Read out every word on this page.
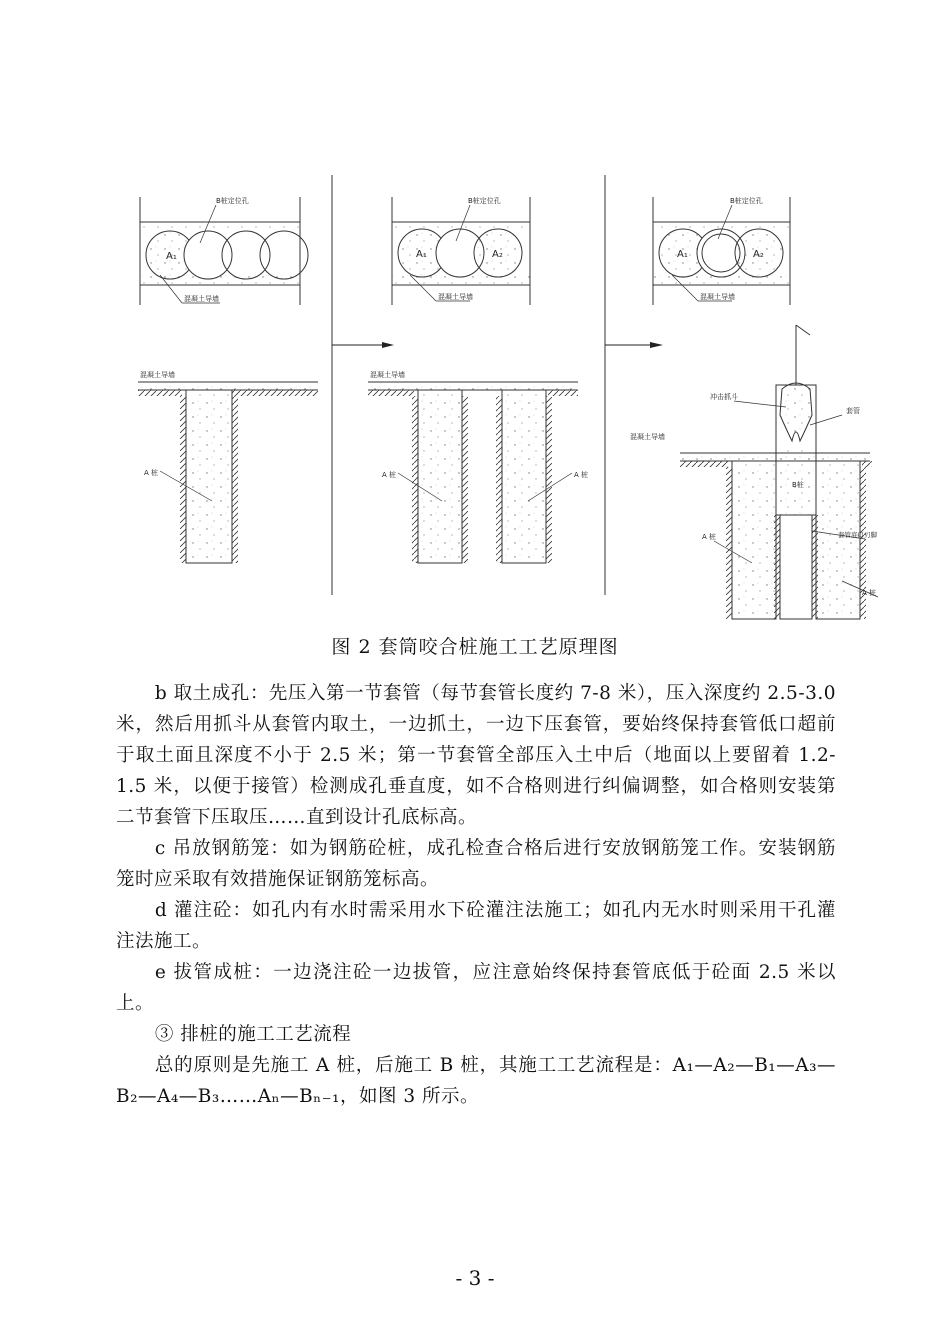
B桩定位孔
A₁
混凝土导墙
B桩定位孔
A₁	A₂
混凝土导墙
B桩定位孔
A₁	A₂
混凝土导墙
混凝土导墙
A 桩
混凝土导墙
A 桩	A 桩
冲击抓斗
套管
混凝土导墙
B桩
A 桩	套管底口刃脚
A 桩
图 2 套筒咬合桩施工工艺原理图

b 取土成孔：先压入第一节套管（每节套管长度约 7-8 米），压入深度约 2.5-3.0 米，然后用抓斗从套管内取土，一边抓土，一边下压套管，要始终保持套管低口超前于取土面且深度不小于 2.5 米；第一节套管全部压入土中后（地面以上要留着 1.2-1.5 米，以便于接管）检测成孔垂直度，如不合格则进行纠偏调整，如合格则安装第二节套管下压取压……直到设计孔底标高。

c 吊放钢筋笼：如为钢筋砼桩，成孔检查合格后进行安放钢筋笼工作。安装钢筋笼时应采取有效措施保证钢筋笼标高。

d 灌注砼：如孔内有水时需采用水下砼灌注法施工；如孔内无水时则采用干孔灌注法施工。

e 拔管成桩：一边浇注砼一边拔管，应注意始终保持套管底低于砼面 2.5 米以上。

③ 排桩的施工工艺流程

总的原则是先施工 A 桩，后施工 B 桩，其施工工艺流程是：A₁—A₂—B₁—A₃—B₂—A₄—B₃……Aₙ—Bₙ₋₁，如图 3 所示。

- 3 -
